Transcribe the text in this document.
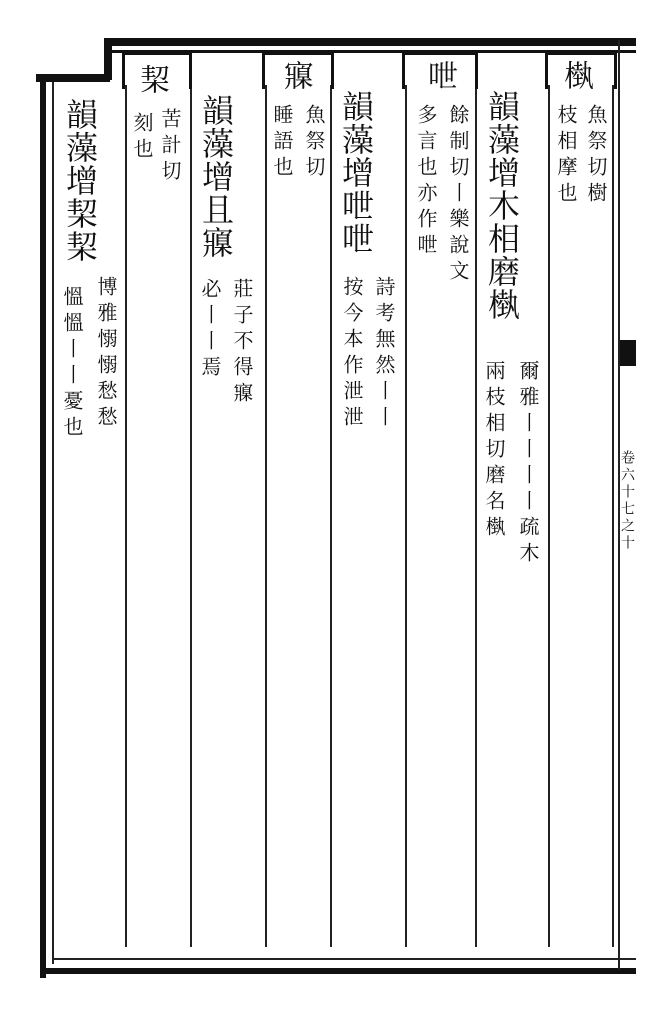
卷六十七之十
韻藻增栔栔
博雅愵愵愁愁
慍慍丨丨憂也
栔
苦計切
刻也 韻藻增且寱
莊子不得寱
必丨丨焉
寱
魚祭切
睡語也 韻藻增呭呭
詩考無然丨丨
按今本作泄泄
呭
餘制切丨樂說文
多言也亦作呭 韻藻增木相磨槸
爾雅丨丨丨丨疏木
兩枝相切磨名槸
槸
魚祭切樹
枝相摩也
